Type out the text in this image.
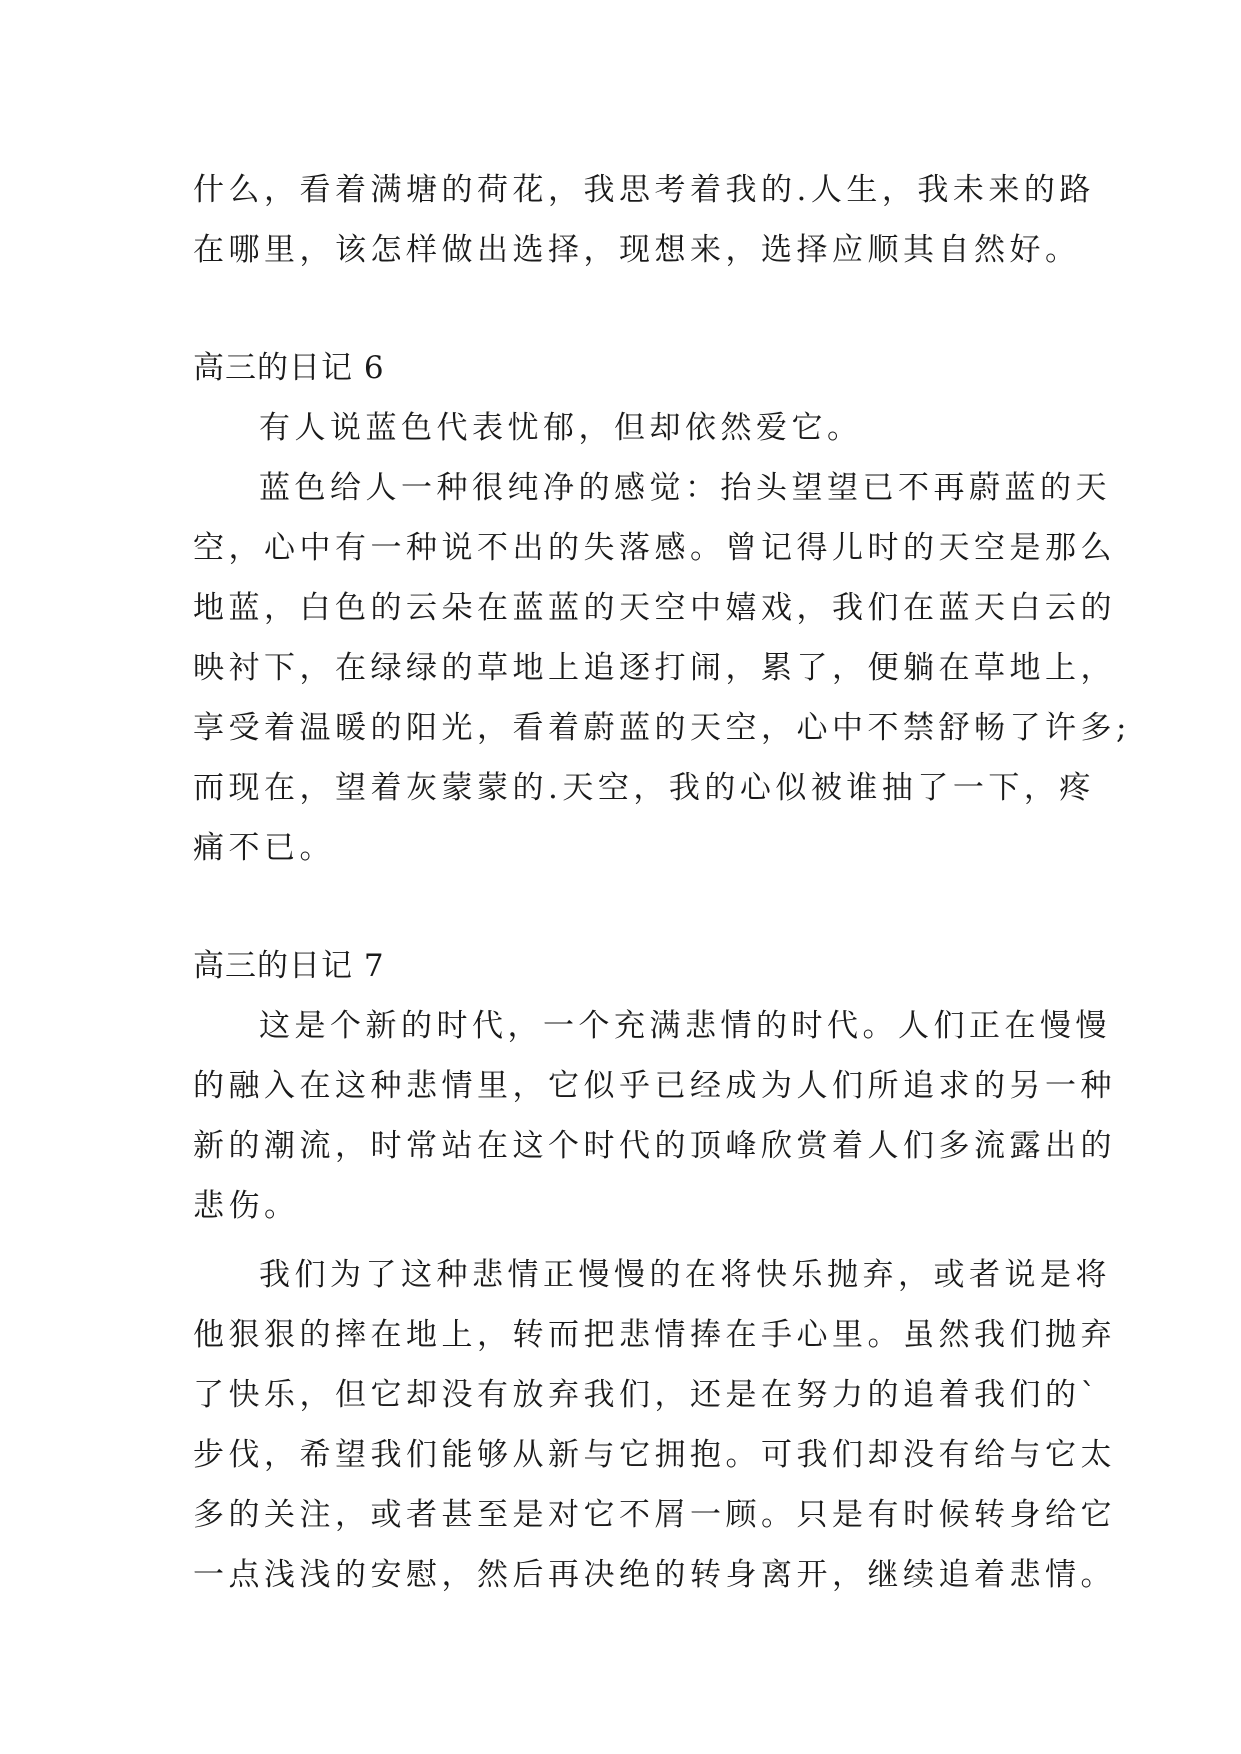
什么，看着满塘的荷花，我思考着我的.人生，我未来的路
在哪里，该怎样做出选择，现想来，选择应顺其自然好。
高三的日记 6
有人说蓝色代表忧郁，但却依然爱它。
蓝色给人一种很纯净的感觉：抬头望望已不再蔚蓝的天
空，心中有一种说不出的失落感。曾记得儿时的天空是那么
地蓝，白色的云朵在蓝蓝的天空中嬉戏，我们在蓝天白云的
映衬下，在绿绿的草地上追逐打闹，累了，便躺在草地上，
享受着温暖的阳光，看着蔚蓝的天空，心中不禁舒畅了许多;
而现在，望着灰蒙蒙的.天空，我的心似被谁抽了一下，疼
痛不已。
高三的日记 7
这是个新的时代，一个充满悲情的时代。人们正在慢慢
的融入在这种悲情里，它似乎已经成为人们所追求的另一种
新的潮流，时常站在这个时代的顶峰欣赏着人们多流露出的
悲伤。
我们为了这种悲情正慢慢的在将快乐抛弃，或者说是将
他狠狠的摔在地上，转而把悲情捧在手心里。虽然我们抛弃
了快乐，但它却没有放弃我们，还是在努力的追着我们的`
步伐，希望我们能够从新与它拥抱。可我们却没有给与它太
多的关注，或者甚至是对它不屑一顾。只是有时候转身给它
一点浅浅的安慰，然后再决绝的转身离开，继续追着悲情。
